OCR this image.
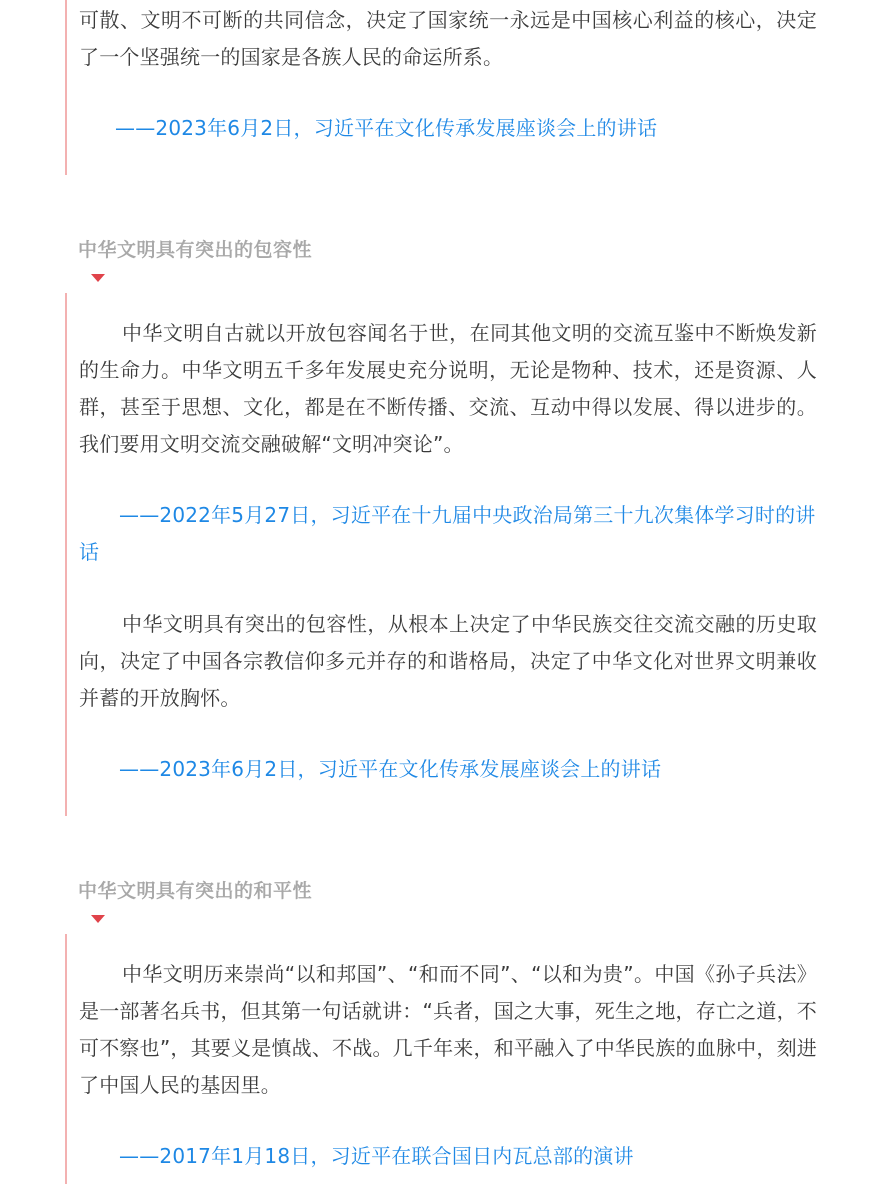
可散、文明不可断的共同信念，决定了国家统一永远是中国核心利益的核心，决定了一个坚强统一的国家是各族人民的命运所系。

——2023年6月2日，习近平在文化传承发展座谈会上的讲话

中华文明具有突出的包容性

中华文明自古就以开放包容闻名于世，在同其他文明的交流互鉴中不断焕发新的生命力。中华文明五千多年发展史充分说明，无论是物种、技术，还是资源、人群，甚至于思想、文化，都是在不断传播、交流、互动中得以发展、得以进步的。我们要用文明交流交融破解“文明冲突论”。

——2022年5月27日，习近平在十九届中央政治局第三十九次集体学习时的讲话

中华文明具有突出的包容性，从根本上决定了中华民族交往交流交融的历史取向，决定了中国各宗教信仰多元并存的和谐格局，决定了中华文化对世界文明兼收并蓄的开放胸怀。

——2023年6月2日，习近平在文化传承发展座谈会上的讲话

中华文明具有突出的和平性

中华文明历来崇尚“以和邦国”、“和而不同”、“以和为贵”。中国《孙子兵法》是一部著名兵书，但其第一句话就讲：“兵者，国之大事，死生之地，存亡之道，不可不察也”，其要义是慎战、不战。几千年来，和平融入了中华民族的血脉中，刻进了中国人民的基因里。

——2017年1月18日，习近平在联合国日内瓦总部的演讲
